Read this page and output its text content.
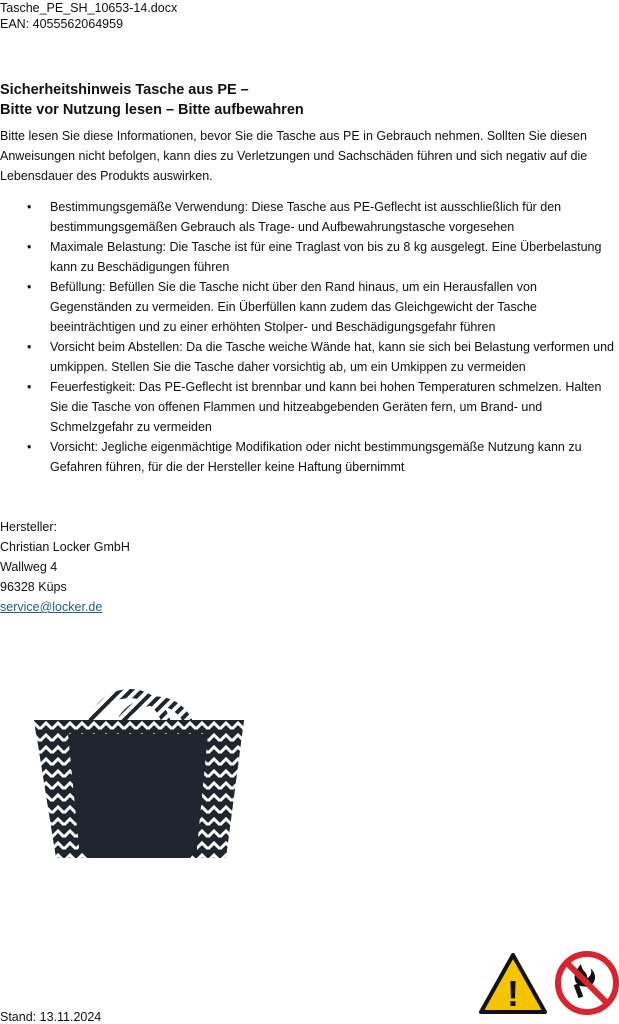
Tasche_PE_SH_10653-14.docx
EAN: 4055562064959
Sicherheitshinweis Tasche aus PE –
Bitte vor Nutzung lesen – Bitte aufbewahren
Bitte lesen Sie diese Informationen, bevor Sie die Tasche aus PE in Gebrauch nehmen. Sollten Sie diesen Anweisungen nicht befolgen, kann dies zu Verletzungen und Sachschäden führen und sich negativ auf die Lebensdauer des Produkts auswirken.
• Bestimmungsgemäße Verwendung: Diese Tasche aus PE-Geflecht ist ausschließlich für den bestimmungsgemäßen Gebrauch als Trage- und Aufbewahrungstasche vorgesehen
• Maximale Belastung: Die Tasche ist für eine Traglast von bis zu 8 kg ausgelegt. Eine Überbelastung kann zu Beschädigungen führen
• Befüllung: Befüllen Sie die Tasche nicht über den Rand hinaus, um ein Herausfallen von Gegenständen zu vermeiden. Ein Überfüllen kann zudem das Gleichgewicht der Tasche beeinträchtigen und zu einer erhöhten Stolper- und Beschädigungsgefahr führen
• Vorsicht beim Abstellen: Da die Tasche weiche Wände hat, kann sie sich bei Belastung verformen und umkippen. Stellen Sie die Tasche daher vorsichtig ab, um ein Umkippen zu vermeiden
• Feuerfestigkeit: Das PE-Geflecht ist brennbar und kann bei hohen Temperaturen schmelzen. Halten Sie die Tasche von offenen Flammen und hitzeabgebenden Geräten fern, um Brand- und Schmelzgefahr zu vermeiden
• Vorsicht: Jegliche eigenmächtige Modifikation oder nicht bestimmungsgemäße Nutzung kann zu Gefahren führen, für die der Hersteller keine Haftung übernimmt
Hersteller:
Christian Locker GmbH
Wallweg 4
96328 Küps
service@locker.de
!
Stand: 13.11.2024
